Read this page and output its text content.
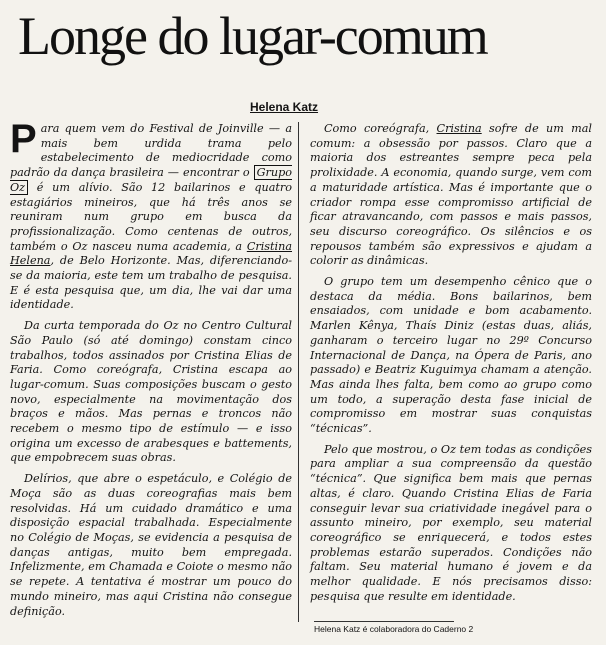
Longe do lugar-comum
Helena Katz

Para quem vem do Festival de Joinville — a mais bem urdida trama pelo estabelecimento de mediocridade como padrão da dança brasileira — encontrar o Grupo Oz é um alívio. São 12 bailarinos e quatro estagiários mineiros, que há três anos se reuniram num grupo em busca da profissionalização. Como centenas de outros, também o Oz nasceu numa academia, a Cristina Helena, de Belo Horizonte. Mas, diferenciando-se da maioria, este tem um trabalho de pesquisa. E é esta pesquisa que, um dia, lhe vai dar uma identidade.

Da curta temporada do Oz no Centro Cultural São Paulo (só até domingo) constam cinco trabalhos, todos assinados por Cristina Elias de Faria. Como coreógrafa, Cristina escapa ao lugar-comum. Suas composições buscam o gesto novo, especialmente na movimentação dos braços e mãos. Mas pernas e troncos não recebem o mesmo tipo de estímulo — e isso origina um excesso de arabesques e battements, que empobrecem suas obras.

Delírios, que abre o espetáculo, e Colégio de Moça são as duas coreografias mais bem resolvidas. Há um cuidado dramático e uma disposição espacial trabalhada. Especialmente no Colégio de Moças, se evidencia a pesquisa de danças antigas, muito bem empregada. Infelizmente, em Chamada e Coiote o mesmo não se repete. A tentativa é mostrar um pouco do mundo mineiro, mas aqui Cristina não consegue definição.

Como coreógrafa, Cristina sofre de um mal comum: a obsessão por passos. Claro que a maioria dos estreantes sempre peca pela prolixidade. A economia, quando surge, vem com a maturidade artística. Mas é importante que o criador rompa esse compromisso artificial de ficar atravancando, com passos e mais passos, seu discurso coreográfico. Os silêncios e os repousos também são expressivos e ajudam a colorir as dinâmicas.

O grupo tem um desempenho cênico que o destaca da média. Bons bailarinos, bem ensaiados, com unidade e bom acabamento. Marlen Kênya, Thaís Diniz (estas duas, aliás, ganharam o terceiro lugar no 29º Concurso Internacional de Dança, na Ópera de Paris, ano passado) e Beatriz Kuguimya chamam a atenção. Mas ainda lhes falta, bem como ao grupo como um todo, a superação desta fase inicial de compromisso em mostrar suas conquistas “técnicas”.

Pelo que mostrou, o Oz tem todas as condições para ampliar a sua compreensão da questão “técnica”. Que significa bem mais que pernas altas, é claro. Quando Cristina Elias de Faria conseguir levar sua criatividade inegável para o assunto mineiro, por exemplo, seu material coreográfico se enriquecerá, e todos estes problemas estarão superados. Condições não faltam. Seu material humano é jovem e da melhor qualidade. E nós precisamos disso: pesquisa que resulte em identidade.

Helena Katz é colaboradora do Caderno 2
